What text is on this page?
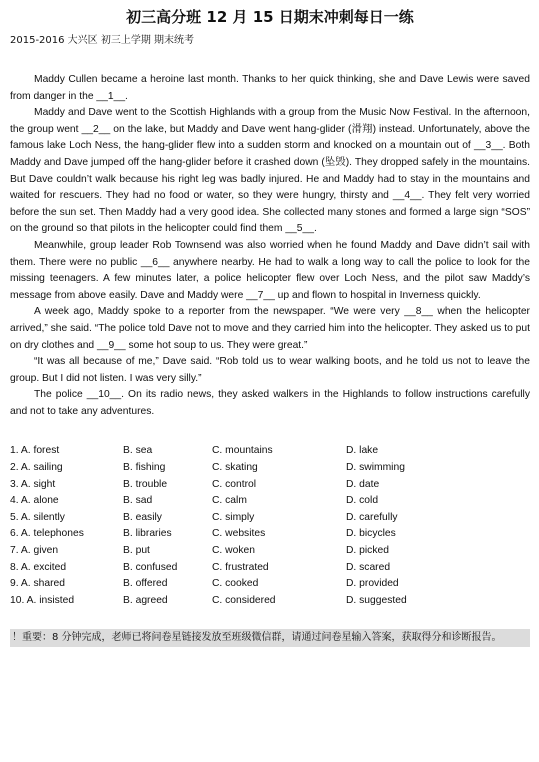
初三高分班 12 月 15 日期末冲刺每日一练
2015-2016 大兴区 初三上学期 期末统考

Maddy Cullen became a heroine last month. Thanks to her quick thinking, she and Dave Lewis were saved from danger in the __1__.

Maddy and Dave went to the Scottish Highlands with a group from the Music Now Festival. In the afternoon, the group went __2__ on the lake, but Maddy and Dave went hang-glider (滑翔) instead. Unfortunately, above the famous lake Loch Ness, the hang-glider flew into a sudden storm and knocked on a mountain out of __3__. Both Maddy and Dave jumped off the hang-glider before it crashed down (坠毁). They dropped safely in the mountains. But Dave couldn’t walk because his right leg was badly injured. He and Maddy had to stay in the mountains and waited for rescuers. They had no food or water, so they were hungry, thirsty and __4__. They felt very worried before the sun set. Then Maddy had a very good idea. She collected many stones and formed a large sign “SOS” on the ground so that pilots in the helicopter could find them __5__.

Meanwhile, group leader Rob Townsend was also worried when he found Maddy and Dave didn’t sail with them. There were no public __6__ anywhere nearby. He had to walk a long way to call the police to look for the missing teenagers. A few minutes later, a police helicopter flew over Loch Ness, and the pilot saw Maddy’s message from above easily. Dave and Maddy were __7__ up and flown to hospital in Inverness quickly.

A week ago, Maddy spoke to a reporter from the newspaper. “We were very __8__ when the helicopter arrived,” she said. “The police told Dave not to move and they carried him into the helicopter. They asked us to put on dry clothes and __9__ some hot soup to us. They were great.”

“It was all because of me,” Dave said. “Rob told us to wear walking boots, and he told us not to leave the group. But I did not listen. I was very silly.”

The police __10__. On its radio news, they asked walkers in the Highlands to follow instructions carefully and not to take any adventures.

1. A. forest	B. sea	C. mountains	D. lake
2. A. sailing	B. fishing	C. skating	D. swimming
3. A. sight	B. trouble	C. control	D. date
4. A. alone	B. sad	C. calm	D. cold
5. A. silently	B. easily	C. simply	D. carefully
6. A. telephones	B. libraries	C. websites	D. bicycles
7. A. given	B. put	C. woken	D. picked
8. A. excited	B. confused	C. frustrated	D. scared
9. A. shared	B. offered	C. cooked	D. provided
10. A. insisted	B. agreed	C. considered	D. suggested
！重要：8 分钟完成，老师已将问卷星链接发放至班级微信群，请通过问卷星输入答案，获取得分和诊断报告。
